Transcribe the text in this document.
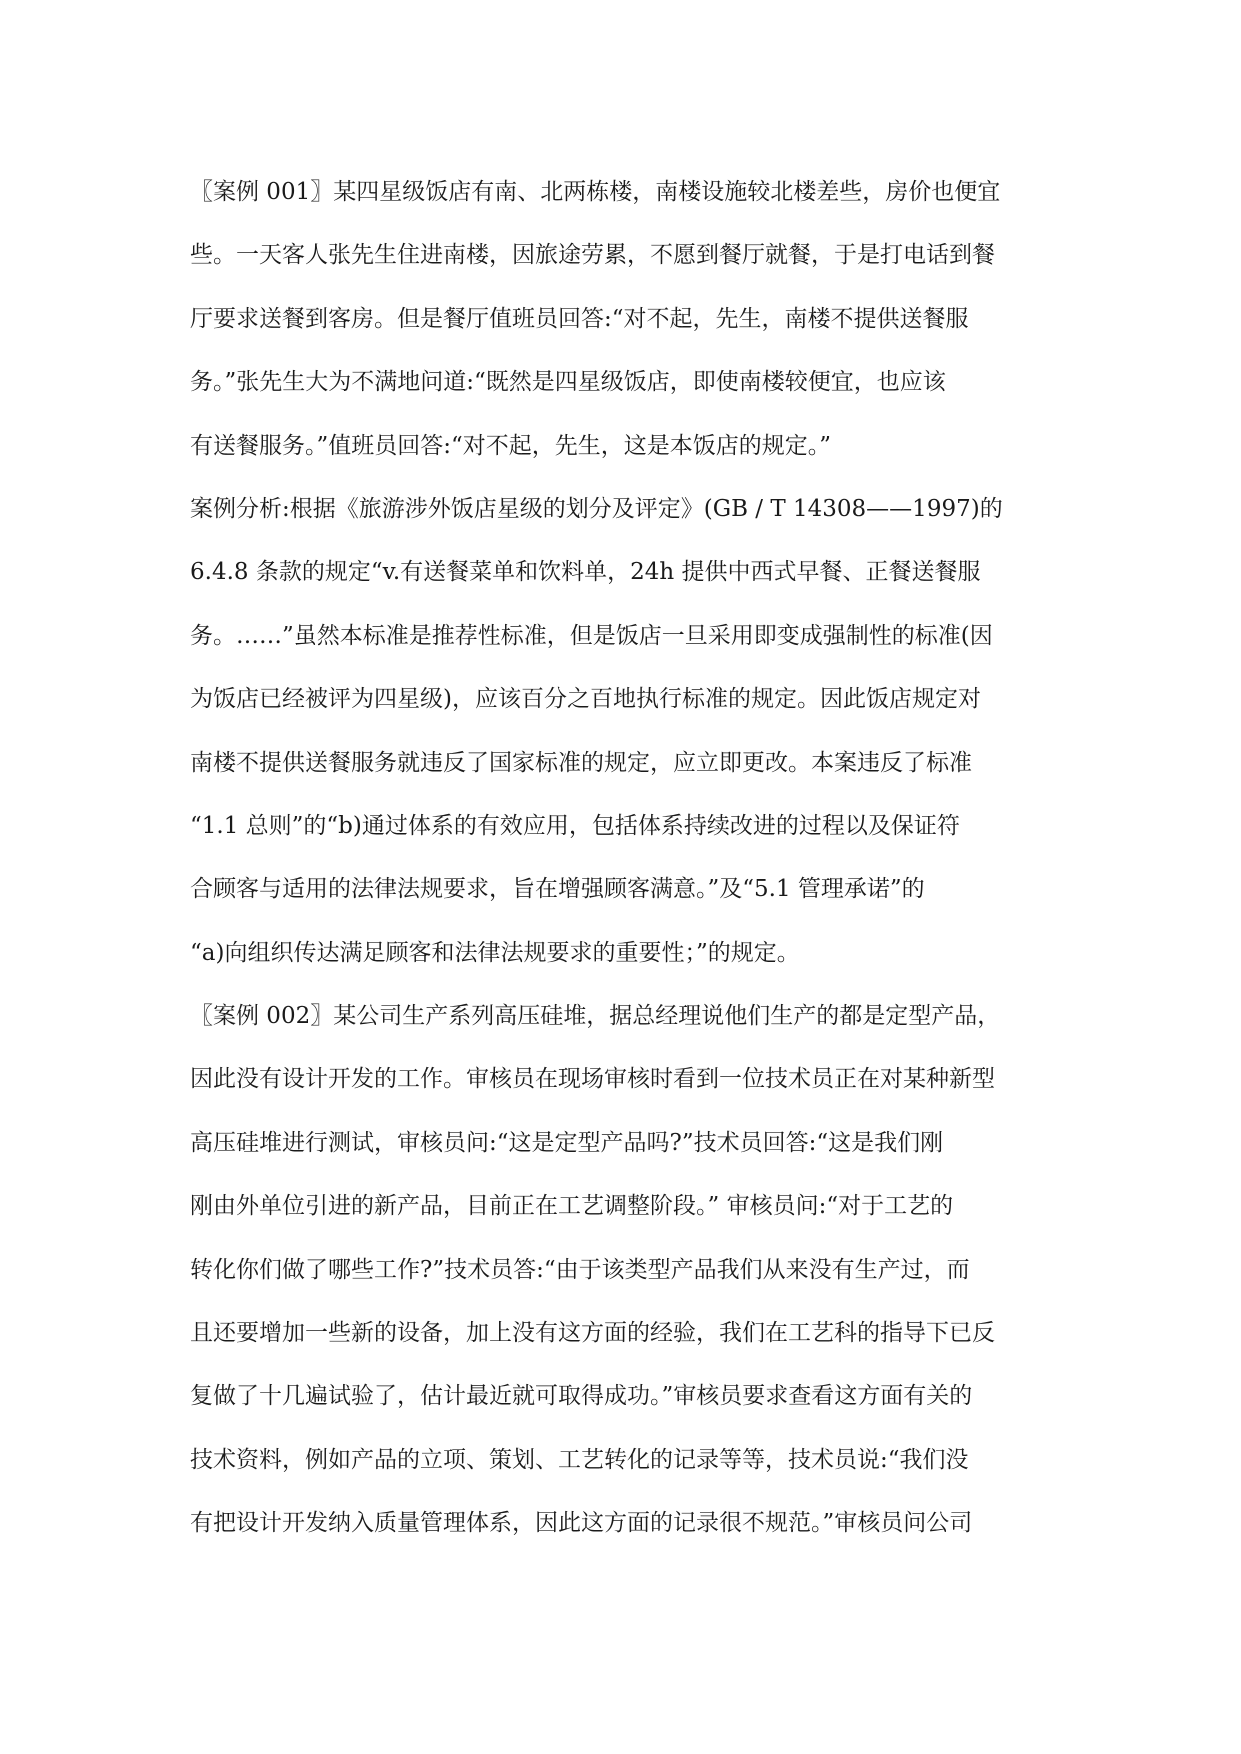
〖案例 001〗某四星级饭店有南、北两栋楼，南楼设施较北楼差些，房价也便宜
些。一天客人张先生住进南楼，因旅途劳累，不愿到餐厅就餐，于是打电话到餐
厅要求送餐到客房。但是餐厅值班员回答:“对不起，先生，南楼不提供送餐服
务。”张先生大为不满地问道:“既然是四星级饭店，即使南楼较便宜，也应该
有送餐服务。”值班员回答:“对不起，先生，这是本饭店的规定。”
案例分析:根据《旅游涉外饭店星级的划分及评定》(GB / T 14308——1997)的
6.4.8 条款的规定“v.有送餐菜单和饮料单，24h 提供中西式早餐、正餐送餐服
务。……”虽然本标准是推荐性标准，但是饭店一旦采用即变成强制性的标准(因
为饭店已经被评为四星级)，应该百分之百地执行标准的规定。因此饭店规定对
南楼不提供送餐服务就违反了国家标准的规定，应立即更改。本案违反了标准
“1.1 总则”的“b)通过体系的有效应用，包括体系持续改进的过程以及保证符
合顾客与适用的法律法规要求，旨在增强顾客满意。”及“5.1 管理承诺”的
“a)向组织传达满足顾客和法律法规要求的重要性；”的规定。
〖案例 002〗某公司生产系列高压硅堆，据总经理说他们生产的都是定型产品，
因此没有设计开发的工作。审核员在现场审核时看到一位技术员正在对某种新型
高压硅堆进行测试，审核员问:“这是定型产品吗?”技术员回答:“这是我们刚
刚由外单位引进的新产品，目前正在工艺调整阶段。” 审核员问:“对于工艺的
转化你们做了哪些工作?”技术员答:“由于该类型产品我们从来没有生产过，而
且还要增加一些新的设备，加上没有这方面的经验，我们在工艺科的指导下已反
复做了十几遍试验了，估计最近就可取得成功。”审核员要求查看这方面有关的
技术资料，例如产品的立项、策划、工艺转化的记录等等，技术员说:“我们没
有把设计开发纳入质量管理体系，因此这方面的记录很不规范。”审核员问公司
